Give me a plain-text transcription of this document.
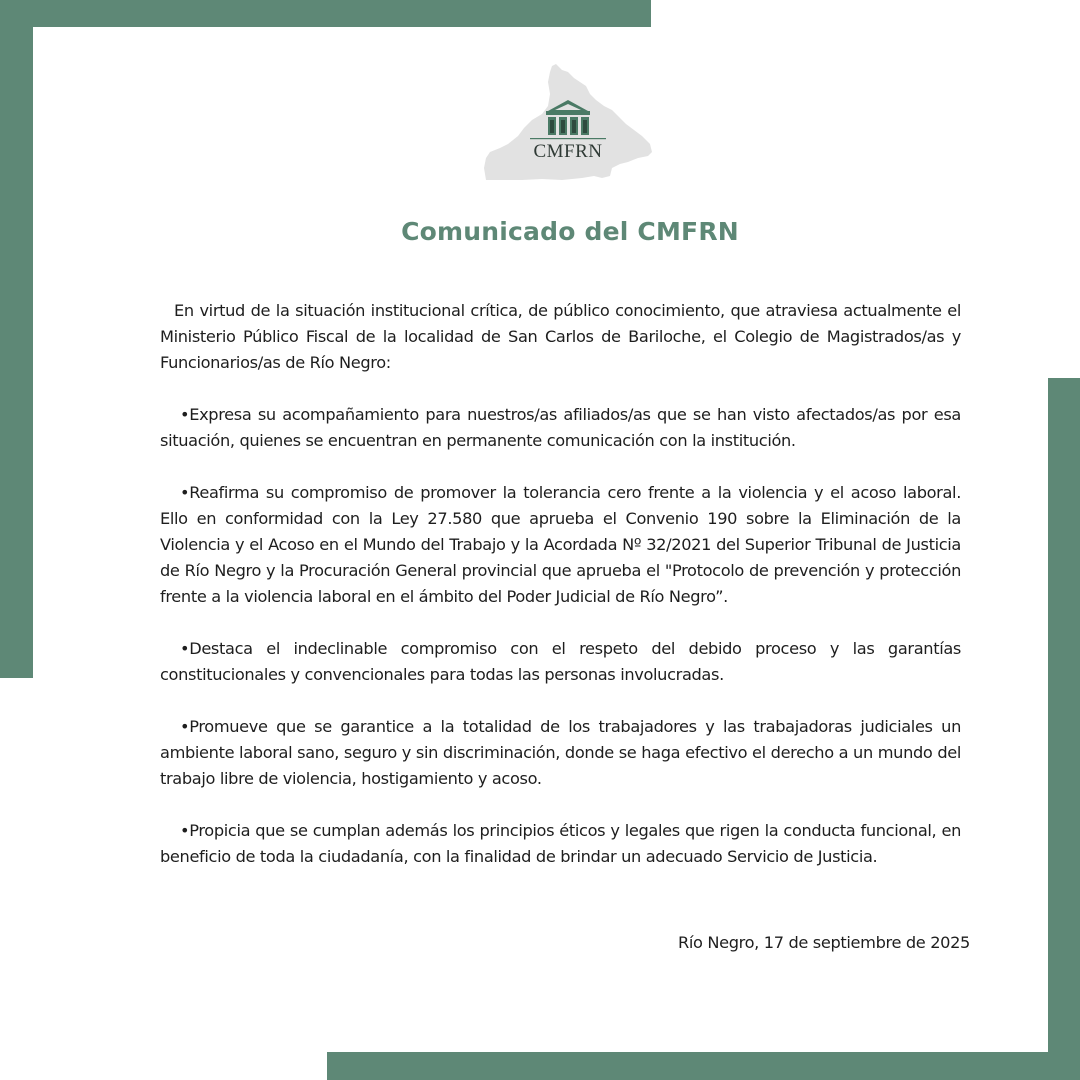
CMFRN
Comunicado del CMFRN

En virtud de la situación institucional crítica, de público conocimiento, que atraviesa actualmente el Ministerio Público Fiscal de la localidad de San Carlos de Bariloche, el Colegio de Magistrados/as y Funcionarios/as de Río Negro:

•Expresa su acompañamiento para nuestros/as afiliados/as que se han visto afectados/as por esa situación, quienes se encuentran en permanente comunicación con la institución.

•Reafirma su compromiso de promover la tolerancia cero frente a la violencia y el acoso laboral. Ello en conformidad con la Ley 27.580 que aprueba el Convenio 190 sobre la Eliminación de la Violencia y el Acoso en el Mundo del Trabajo y la Acordada Nº 32/2021 del Superior Tribunal de Justicia de Río Negro y la Procuración General provincial que aprueba el "Protocolo de prevención y protección frente a la violencia laboral en el ámbito del Poder Judicial de Río Negro”.

•Destaca el indeclinable compromiso con el respeto del debido proceso y las garantías constitucionales y convencionales para todas las personas involucradas.

•Promueve que se garantice a la totalidad de los trabajadores y las trabajadoras judiciales un ambiente laboral sano, seguro y sin discriminación, donde se haga efectivo el derecho a un mundo del trabajo libre de violencia, hostigamiento y acoso.

•Propicia que se cumplan además los principios éticos y legales que rigen la conducta funcional, en beneficio de toda la ciudadanía, con la finalidad de brindar un adecuado Servicio de Justicia.

Río Negro, 17 de septiembre de 2025
